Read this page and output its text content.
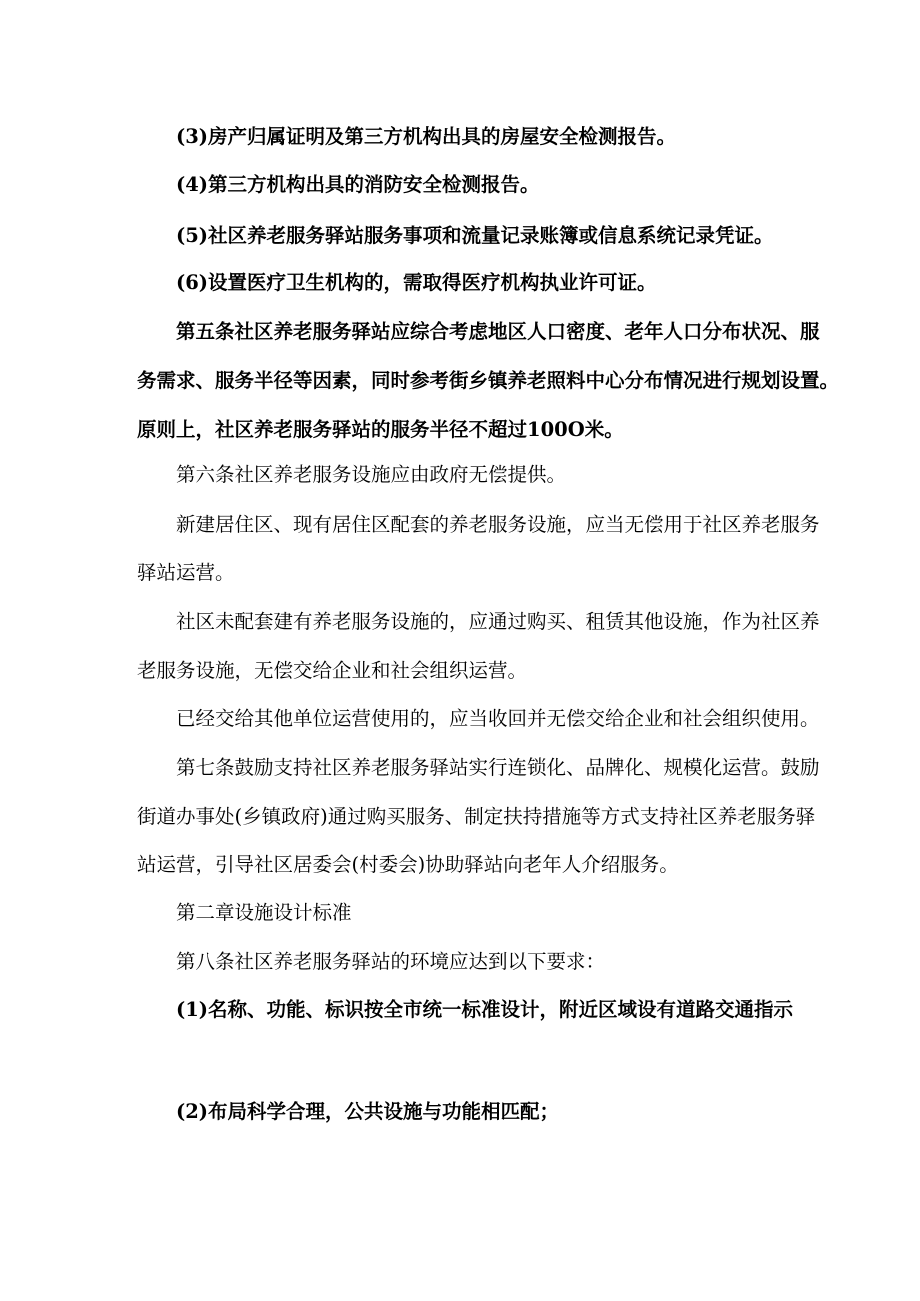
(3)房产归属证明及第三方机构出具的房屋安全检测报告。
(4)第三方机构出具的消防安全检测报告。
(5)社区养老服务驿站服务事项和流量记录账簿或信息系统记录凭证。
(6)设置医疗卫生机构的，需取得医疗机构执业许可证。
第五条社区养老服务驿站应综合考虑地区人口密度、老年人口分布状况、服
务需求、服务半径等因素，同时参考街乡镇养老照料中心分布情况进行规划设置。
原则上，社区养老服务驿站的服务半径不超过100O米。
第六条社区养老服务设施应由政府无偿提供。
新建居住区、现有居住区配套的养老服务设施，应当无偿用于社区养老服务
驿站运营。
社区未配套建有养老服务设施的，应通过购买、租赁其他设施，作为社区养
老服务设施，无偿交给企业和社会组织运营。
已经交给其他单位运营使用的，应当收回并无偿交给企业和社会组织使用。
第七条鼓励支持社区养老服务驿站实行连锁化、品牌化、规模化运营。鼓励
街道办事处(乡镇政府)通过购买服务、制定扶持措施等方式支持社区养老服务驿
站运营，引导社区居委会(村委会)协助驿站向老年人介绍服务。
第二章设施设计标准
第八条社区养老服务驿站的环境应达到以下要求：
(1)名称、功能、标识按全市统一标准设计，附近区域设有道路交通指示
(2)布局科学合理，公共设施与功能相匹配；
